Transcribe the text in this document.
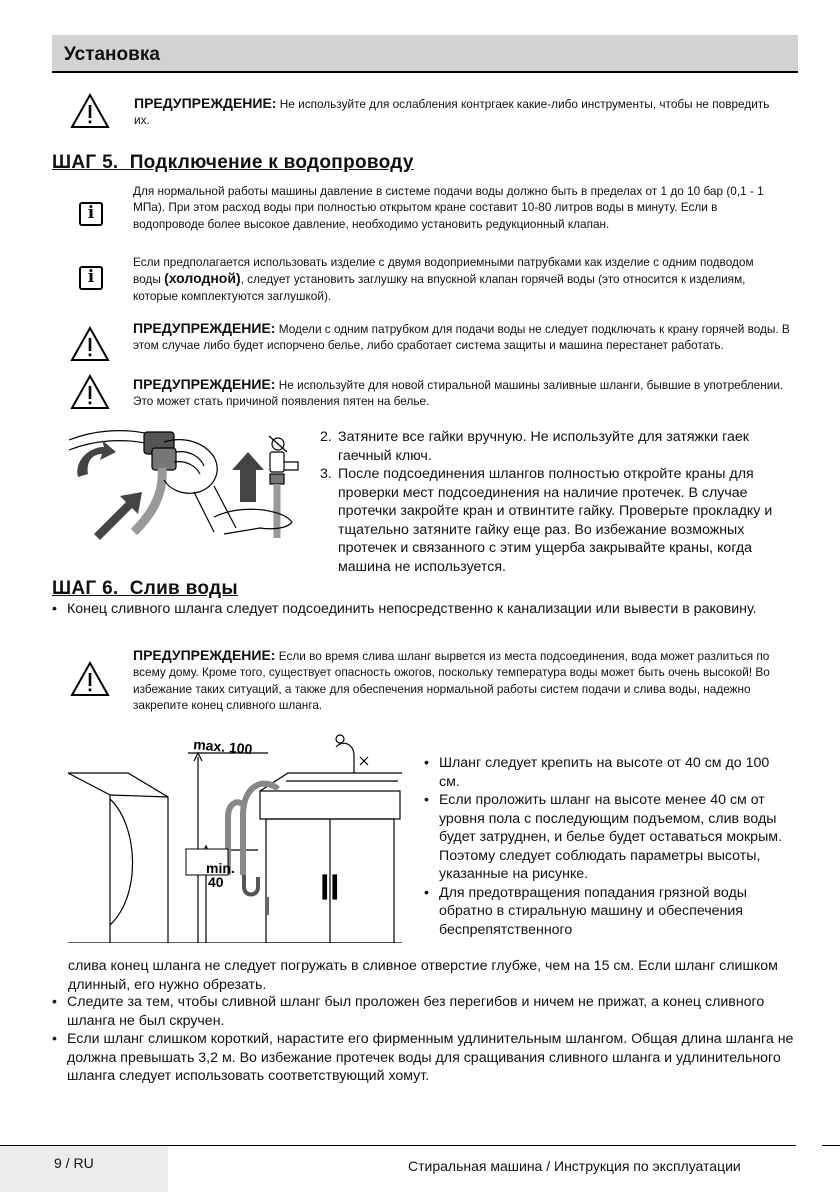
Установка
ПРЕДУПРЕЖДЕНИЕ: Не используйте для ослабления контргаек какие-либо инструменты, чтобы не повредить их.
ШАГ 5. Подключение к водопроводу
i
Для нормальной работы машины давление в системе подачи воды должно быть в пределах от 1 до 10 бар (0,1 - 1 МПа). При этом расход воды при полностью открытом кране составит 10-80 литров воды в минуту. Если в водопроводе более высокое давление, необходимо установить редукционный клапан.
i
Если предполагается использовать изделие с двумя водоприемными патрубками как изделие с одним подводом воды (холодной), следует установить заглушку на впускной клапан горячей воды (это относится к изделиям, которые комплектуются заглушкой).
ПРЕДУПРЕЖДЕНИЕ: Модели с одним патрубком для подачи воды не следует подключать к крану горячей воды. В этом случае либо будет испорчено белье, либо сработает система защиты и машина перестанет работать.
ПРЕДУПРЕЖДЕНИЕ: Не используйте для новой стиральной машины заливные шланги, бывшие в употреблении. Это может стать причиной появления пятен на белье.
2. Затяните все гайки вручную. Не используйте для затяжки гаек гаечный ключ.
3. После подсоединения шлангов полностью откройте краны для проверки мест подсоединения на наличие протечек. В случае протечки закройте кран и отвинтите гайку. Проверьте прокладку и тщательно затяните гайку еще раз. Во избежание возможных протечек и связанного с этим ущерба закрывайте краны, когда машина не используется.
ШАГ 6. Слив воды
• Конец сливного шланга следует подсоединить непосредственно к канализации или вывести в раковину.
ПРЕДУПРЕЖДЕНИЕ: Если во время слива шланг вырвется из места подсоединения, вода может разлиться по всему дому. Кроме того, существует опасность ожогов, поскольку температура воды может быть очень высокой! Во избежание таких ситуаций, а также для обеспечения нормальной работы систем подачи и слива воды, надежно закрепите конец сливного шланга.
max. 100
min.
40
• Шланг следует крепить на высоте от 40 см до 100 см.
• Если проложить шланг на высоте менее 40 см от уровня пола с последующим подъемом, слив воды будет затруднен, и белье будет оставаться мокрым. Поэтому следует соблюдать параметры высоты, указанные на рисунке.
• Для предотвращения попадания грязной воды обратно в стиральную машину и обеспечения беспрепятственного
слива конец шланга не следует погружать в сливное отверстие глубже, чем на 15 см. Если шланг слишком длинный, его нужно обрезать.
• Следите за тем, чтобы сливной шланг был проложен без перегибов и ничем не прижат, а конец сливного шланга не был скручен.
• Если шланг слишком короткий, нарастите его фирменным удлинительным шлангом. Общая длина шланга не должна превышать 3,2 м. Во избежание протечек воды для сращивания сливного шланга и удлинительного шланга следует использовать соответствующий хомут.
9 / RU	Стиральная машина / Инструкция по эксплуатации
